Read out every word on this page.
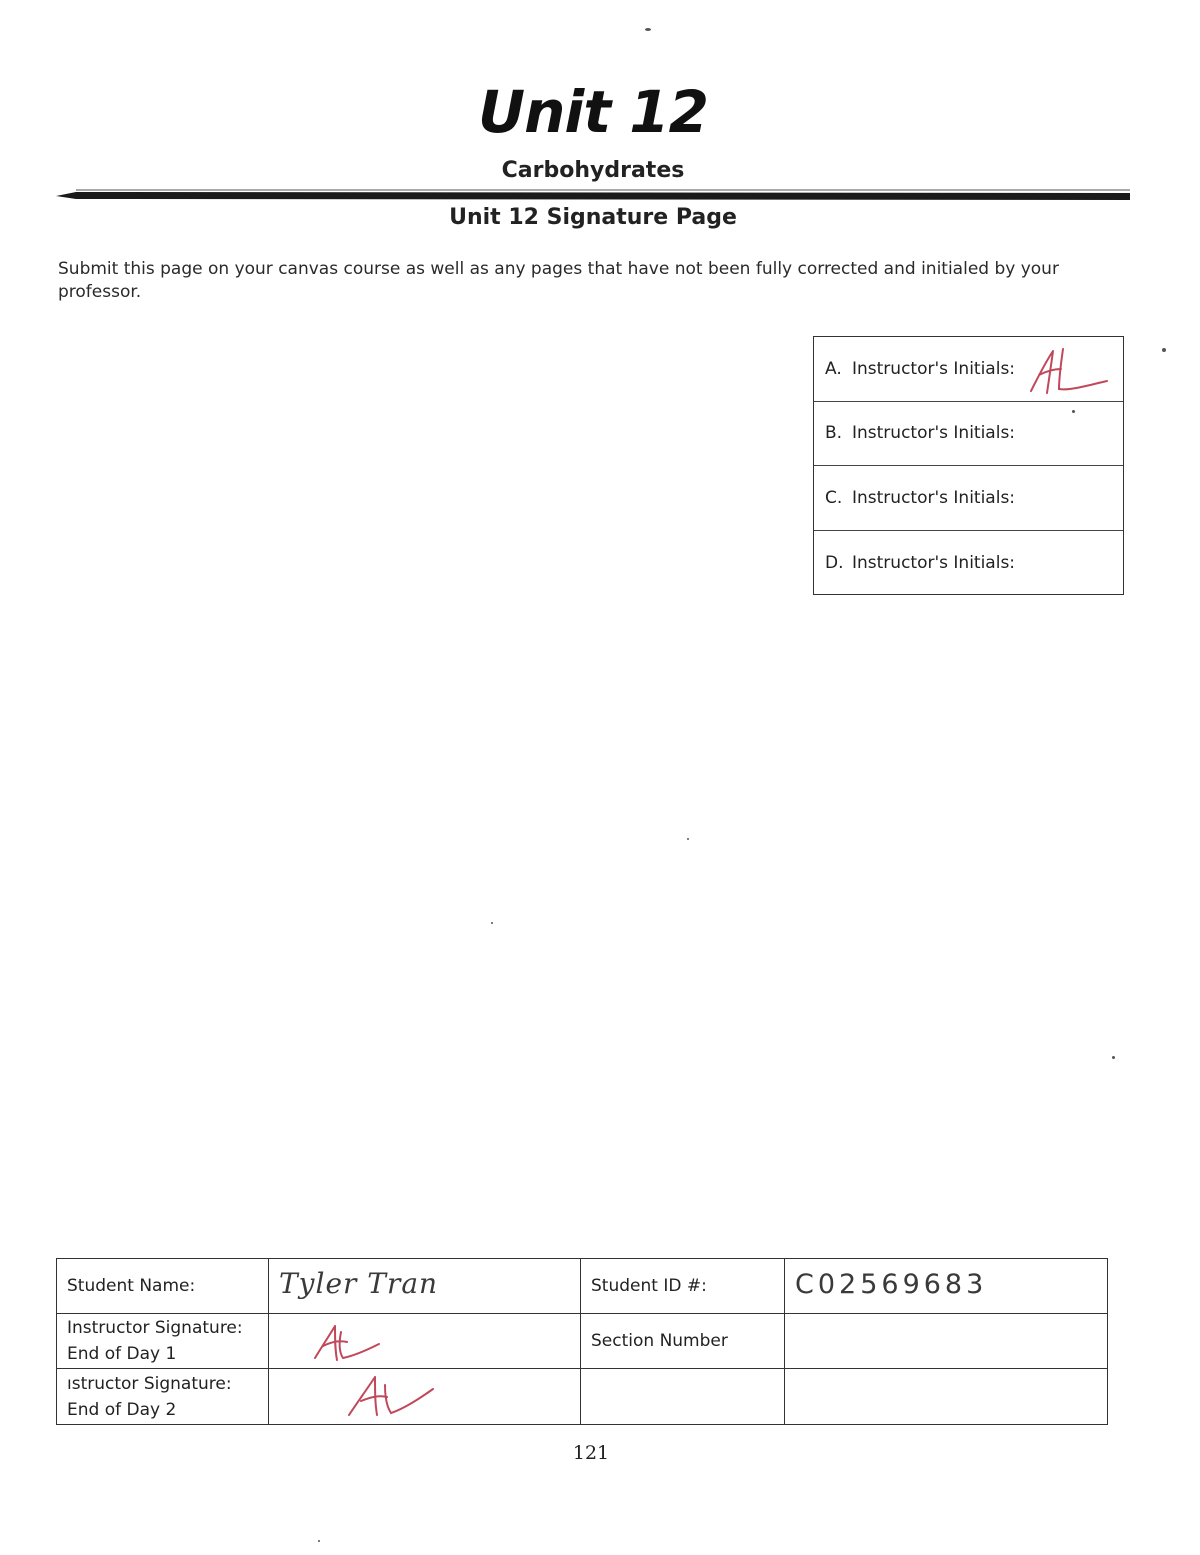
Unit 12
Carbohydrates
Unit 12 Signature Page
Submit this page on your canvas course as well as any pages that have not been fully corrected and initialed by your professor.
A. Instructor's Initials:
B. Instructor's Initials:
C. Instructor's Initials:
D. Instructor's Initials:
Student Name:	Tyler Tran	Student ID #:	C02569683

Instructor Signature:
End of Day 1		Section Number	

ıstructor Signature:
End of Day 2

121
